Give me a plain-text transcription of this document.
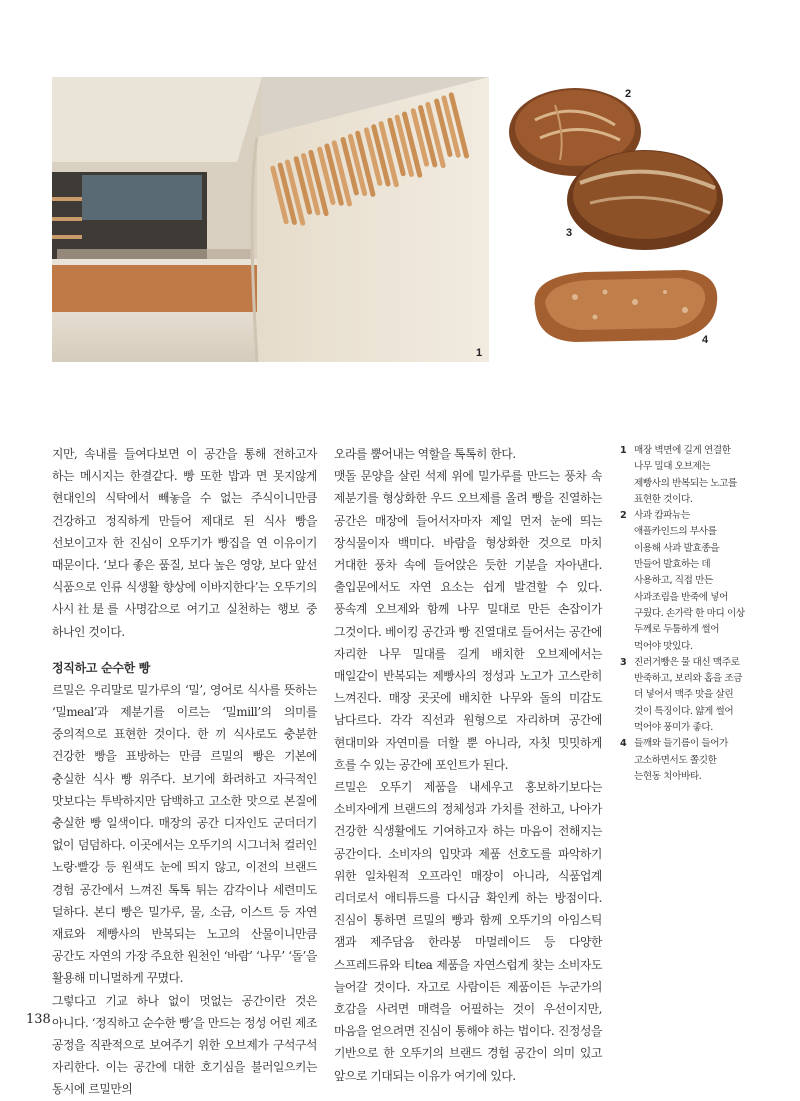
1
2
3
4

지만, 속내를 들여다보면 이 공간을 통해 전하고자 하는 메시지는 한결같다. 빵 또한 밥과 면 못지않게 현대인의 식탁에서 빼놓을 수 없는 주식이니만큼 건강하고 정직하게 만들어 제대로 된 식사 빵을 선보이고자 한 진심이 오뚜기가 빵집을 연 이유이기 때문이다. ‘보다 좋은 품질, 보다 높은 영양, 보다 앞선 식품으로 인류 식생활 향상에 이바지한다’는 오뚜기의 사시社是를 사명감으로 여기고 실천하는 행보 중 하나인 것이다.

정직하고 순수한 빵

르밀은 우리말로 밀가루의 ‘밀’, 영어로 식사를 뜻하는 ‘밀meal’과 제분기를 이르는 ‘밀mill’의 의미를 중의적으로 표현한 것이다. 한 끼 식사로도 충분한 건강한 빵을 표방하는 만큼 르밀의 빵은 기본에 충실한 식사 빵 위주다. 보기에 화려하고 자극적인 맛보다는 투박하지만 담백하고 고소한 맛으로 본질에 충실한 빵 일색이다. 매장의 공간 디자인도 군더더기 없이 덤덤하다. 이곳에서는 오뚜기의 시그너처 컬러인 노랑·빨강 등 원색도 눈에 띄지 않고, 이전의 브랜드 경험 공간에서 느껴진 톡톡 튀는 감각이나 세련미도 덜하다. 본디 빵은 밀가루, 물, 소금, 이스트 등 자연 재료와 제빵사의 반복되는 노고의 산물이니만큼 공간도 자연의 가장 주요한 원천인 ‘바람’ ‘나무’ ‘돌’을 활용해 미니멀하게 꾸몄다.

그렇다고 기교 하나 없이 멋없는 공간이란 것은 아니다. ‘정직하고 순수한 빵’을 만드는 정성 어린 제조 공정을 직관적으로 보여주기 위한 오브제가 구석구석 자리한다. 이는 공간에 대한 호기심을 불러일으키는 동시에 르밀만의

오라를 뿜어내는 역할을 톡톡히 한다.

맷돌 문양을 살린 석제 위에 밀가루를 만드는 풍차 속 제분기를 형상화한 우드 오브제를 올려 빵을 진열하는 공간은 매장에 들어서자마자 제일 먼저 눈에 띄는 장식물이자 백미다. 바람을 형상화한 것으로 마치 거대한 풍차 속에 들어앉은 듯한 기분을 자아낸다. 출입문에서도 자연 요소는 쉽게 발견할 수 있다. 풍속계 오브제와 함께 나무 밀대로 만든 손잡이가 그것이다. 베이킹 공간과 빵 진열대로 들어서는 공간에 자리한 나무 밀대를 길게 배치한 오브제에서는 매일같이 반복되는 제빵사의 정성과 노고가 고스란히 느껴진다. 매장 곳곳에 배치한 나무와 돌의 미감도 남다르다. 각각 직선과 원형으로 자리하며 공간에 현대미와 자연미를 더할 뿐 아니라, 자칫 밋밋하게 흐를 수 있는 공간에 포인트가 된다.

르밀은 오뚜기 제품을 내세우고 홍보하기보다는 소비자에게 브랜드의 정체성과 가치를 전하고, 나아가 건강한 식생활에도 기여하고자 하는 마음이 전해지는 공간이다. 소비자의 입맛과 제품 선호도를 파악하기 위한 일차원적 오프라인 매장이 아니라, 식품업계 리더로서 애티튜드를 다시금 확인케 하는 방점이다. 진심이 통하면 르밀의 빵과 함께 오뚜기의 아임스틱 잼과 제주담음 한라봉 마멀레이드 등 다양한 스프레드류와 티tea 제품을 자연스럽게 찾는 소비자도 늘어갈 것이다. 자고로 사람이든 제품이든 누군가의 호감을 사려면 매력을 어필하는 것이 우선이지만, 마음을 얻으려면 진심이 통해야 하는 법이다. 진정성을 기반으로 한 오뚜기의 브랜드 경험 공간이 의미 있고 앞으로 기대되는 이유가 여기에 있다.

1 매장 벽면에 길게 연결한 나무 밀대 오브제는 제빵사의 반복되는 노고를 표현한 것이다.

2 사과 캄파뉴는 애플카인드의 부사를 이용해 사과 발효종을 만들어 발효하는 데 사용하고, 직접 만든 사과조림을 반죽에 넣어 구웠다. 손가락 한 마디 이상 두께로 두툼하게 썰어 먹어야 맛있다.

3 진러거빵은 물 대신 맥주로 반죽하고, 보리와 홉을 조금 더 넣어서 맥주 맛을 살린 것이 특징이다. 얇게 썰어 먹어야 풍미가 좋다.

4 들깨와 들기름이 들어가 고소하면서도 쫄깃한 는현동 치아바타.

138
